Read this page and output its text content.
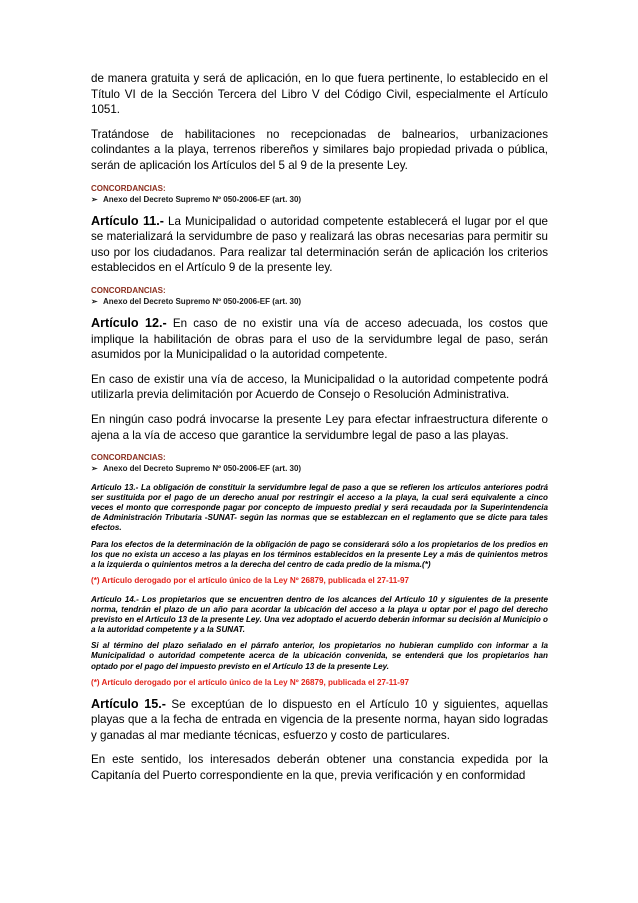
de manera gratuita y será de aplicación, en lo que fuera pertinente, lo establecido en el Título VI de la Sección Tercera del Libro V del Código Civil, especialmente el Artículo 1051.

Tratándose de habilitaciones no recepcionadas de balnearios, urbanizaciones colindantes a la playa, terrenos ribereños y similares bajo propiedad privada o pública, serán de aplicación los Artículos del 5 al 9 de la presente Ley.

CONCORDANCIAS:

➢ Anexo del Decreto Supremo Nº 050-2006-EF (art. 30)

Artículo 11.- La Municipalidad o autoridad competente establecerá el lugar por el que se materializará la servidumbre de paso y realizará las obras necesarias para permitir su uso por los ciudadanos. Para realizar tal determinación serán de aplicación los criterios establecidos en el Artículo 9 de la presente ley.

CONCORDANCIAS:

➢ Anexo del Decreto Supremo Nº 050-2006-EF (art. 30)

Artículo 12.- En caso de no existir una vía de acceso adecuada, los costos que implique la habilitación de obras para el uso de la servidumbre legal de paso, serán asumidos por la Municipalidad o la autoridad competente.

En caso de existir una vía de acceso, la Municipalidad o la autoridad competente podrá utilizarla previa delimitación por Acuerdo de Consejo o Resolución Administrativa.

En ningún caso podrá invocarse la presente Ley para efectar infraestructura diferente o ajena a la vía de acceso que garantice la servidumbre legal de paso a las playas.

CONCORDANCIAS:

➢ Anexo del Decreto Supremo Nº 050-2006-EF (art. 30)

Artículo 13.- La obligación de constituir la servidumbre legal de paso a que se refieren los artículos anteriores podrá ser sustituida por el pago de un derecho anual por restringir el acceso a la playa, la cual será equivalente a cinco veces el monto que corresponde pagar por concepto de impuesto predial y será recaudada por la Superintendencia de Administración Tributaria -SUNAT- según las normas que se establezcan en el reglamento que se dicte para tales efectos.

Para los efectos de la determinación de la obligación de pago se considerará sólo a los propietarios de los predios en los que no exista un acceso a las playas en los términos establecidos en la presente Ley a más de quinientos metros a la izquierda o quinientos metros a la derecha del centro de cada predio de la misma.(*)

(*) Artículo derogado por el artículo único de la Ley Nº 26879, publicada el 27-11-97

Artículo 14.- Los propietarios que se encuentren dentro de los alcances del Artículo 10 y siguientes de la presente norma, tendrán el plazo de un año para acordar la ubicación del acceso a la playa u optar por el pago del derecho previsto en el Artículo 13 de la presente Ley. Una vez adoptado el acuerdo deberán informar su decisión al Municipio o a la autoridad competente y a la SUNAT.

Si al término del plazo señalado en el párrafo anterior, los propietarios no hubieran cumplido con informar a la Municipalidad o autoridad competente acerca de la ubicación convenida, se entenderá que los propietarios han optado por el pago del impuesto previsto en el Artículo 13 de la presente Ley.

(*) Artículo derogado por el artículo único de la Ley Nº 26879, publicada el 27-11-97

Artículo 15.- Se exceptúan de lo dispuesto en el Artículo 10 y siguientes, aquellas playas que a la fecha de entrada en vigencia de la presente norma, hayan sido logradas y ganadas al mar mediante técnicas, esfuerzo y costo de particulares.

En este sentido, los interesados deberán obtener una constancia expedida por la Capitanía del Puerto correspondiente en la que, previa verificación y en conformidad
